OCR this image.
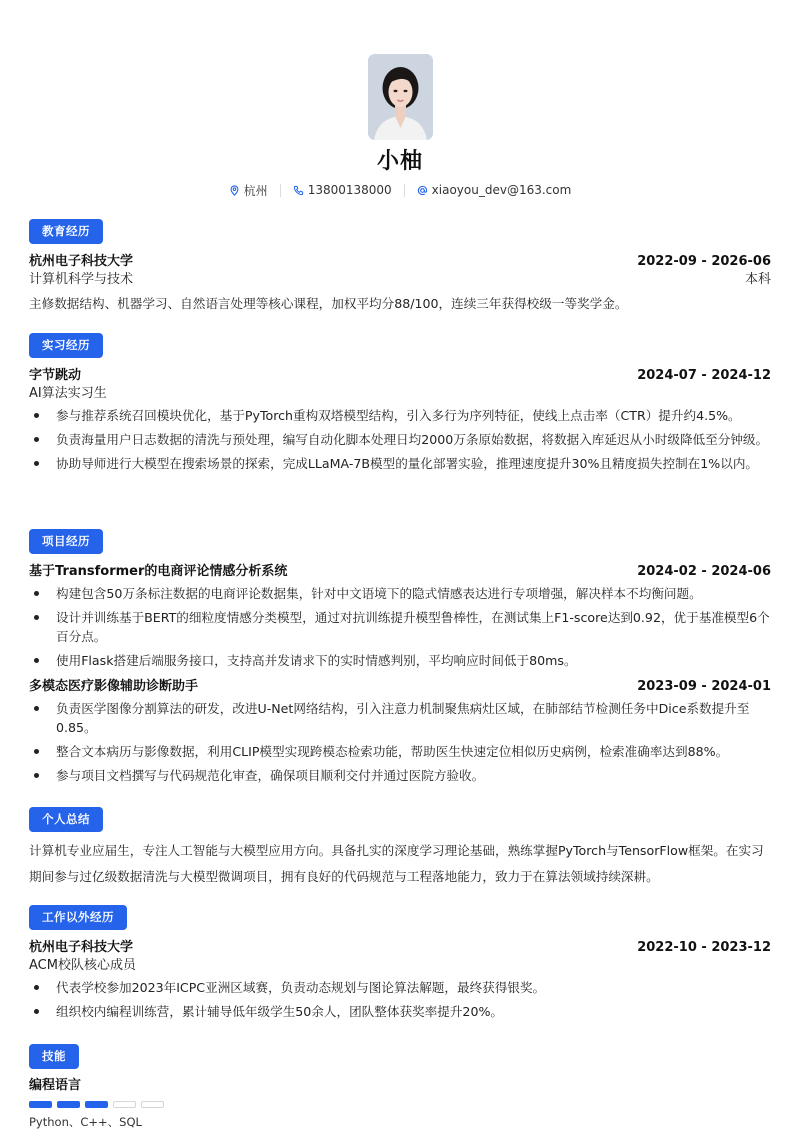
小柚
杭州	13800138000	xiaoyou_dev@163.com
教育经历
杭州电子科技大学	2022-09 - 2026-06
计算机科学与技术	本科
主修数据结构、机器学习、自然语言处理等核心课程，加权平均分88/100，连续三年获得校级一等奖学金。
实习经历
字节跳动	2024-07 - 2024-12
AI算法实习生
参与推荐系统召回模块优化，基于PyTorch重构双塔模型结构，引入多行为序列特征，使线上点击率（CTR）提升约4.5%。
负责海量用户日志数据的清洗与预处理，编写自动化脚本处理日均2000万条原始数据，将数据入库延迟从小时级降低至分钟级。
协助导师进行大模型在搜索场景的探索，完成LLaMA-7B模型的量化部署实验，推理速度提升30%且精度损失控制在1%以内。
项目经历
基于Transformer的电商评论情感分析系统	2024-02 - 2024-06
构建包含50万条标注数据的电商评论数据集，针对中文语境下的隐式情感表达进行专项增强，解决样本不均衡问题。
设计并训练基于BERT的细粒度情感分类模型，通过对抗训练提升模型鲁棒性，在测试集上F1-score达到0.92，优于基准模型6个百分点。
使用Flask搭建后端服务接口，支持高并发请求下的实时情感判别，平均响应时间低于80ms。
多模态医疗影像辅助诊断助手	2023-09 - 2024-01
负责医学图像分割算法的研发，改进U-Net网络结构，引入注意力机制聚焦病灶区域，在肺部结节检测任务中Dice系数提升至0.85。
整合文本病历与影像数据，利用CLIP模型实现跨模态检索功能，帮助医生快速定位相似历史病例，检索准确率达到88%。
参与项目文档撰写与代码规范化审查，确保项目顺利交付并通过医院方验收。
个人总结
计算机专业应届生，专注人工智能与大模型应用方向。具备扎实的深度学习理论基础，熟练掌握PyTorch与TensorFlow框架。在实习期间参与过亿级数据清洗与大模型微调项目，拥有良好的代码规范与工程落地能力，致力于在算法领域持续深耕。
工作以外经历
杭州电子科技大学	2022-10 - 2023-12
ACM校队核心成员
代表学校参加2023年ICPC亚洲区域赛，负责动态规划与图论算法解题，最终获得银奖。
组织校内编程训练营，累计辅导低年级学生50余人，团队整体获奖率提升20%。
技能
编程语言
Python、C++、SQL
